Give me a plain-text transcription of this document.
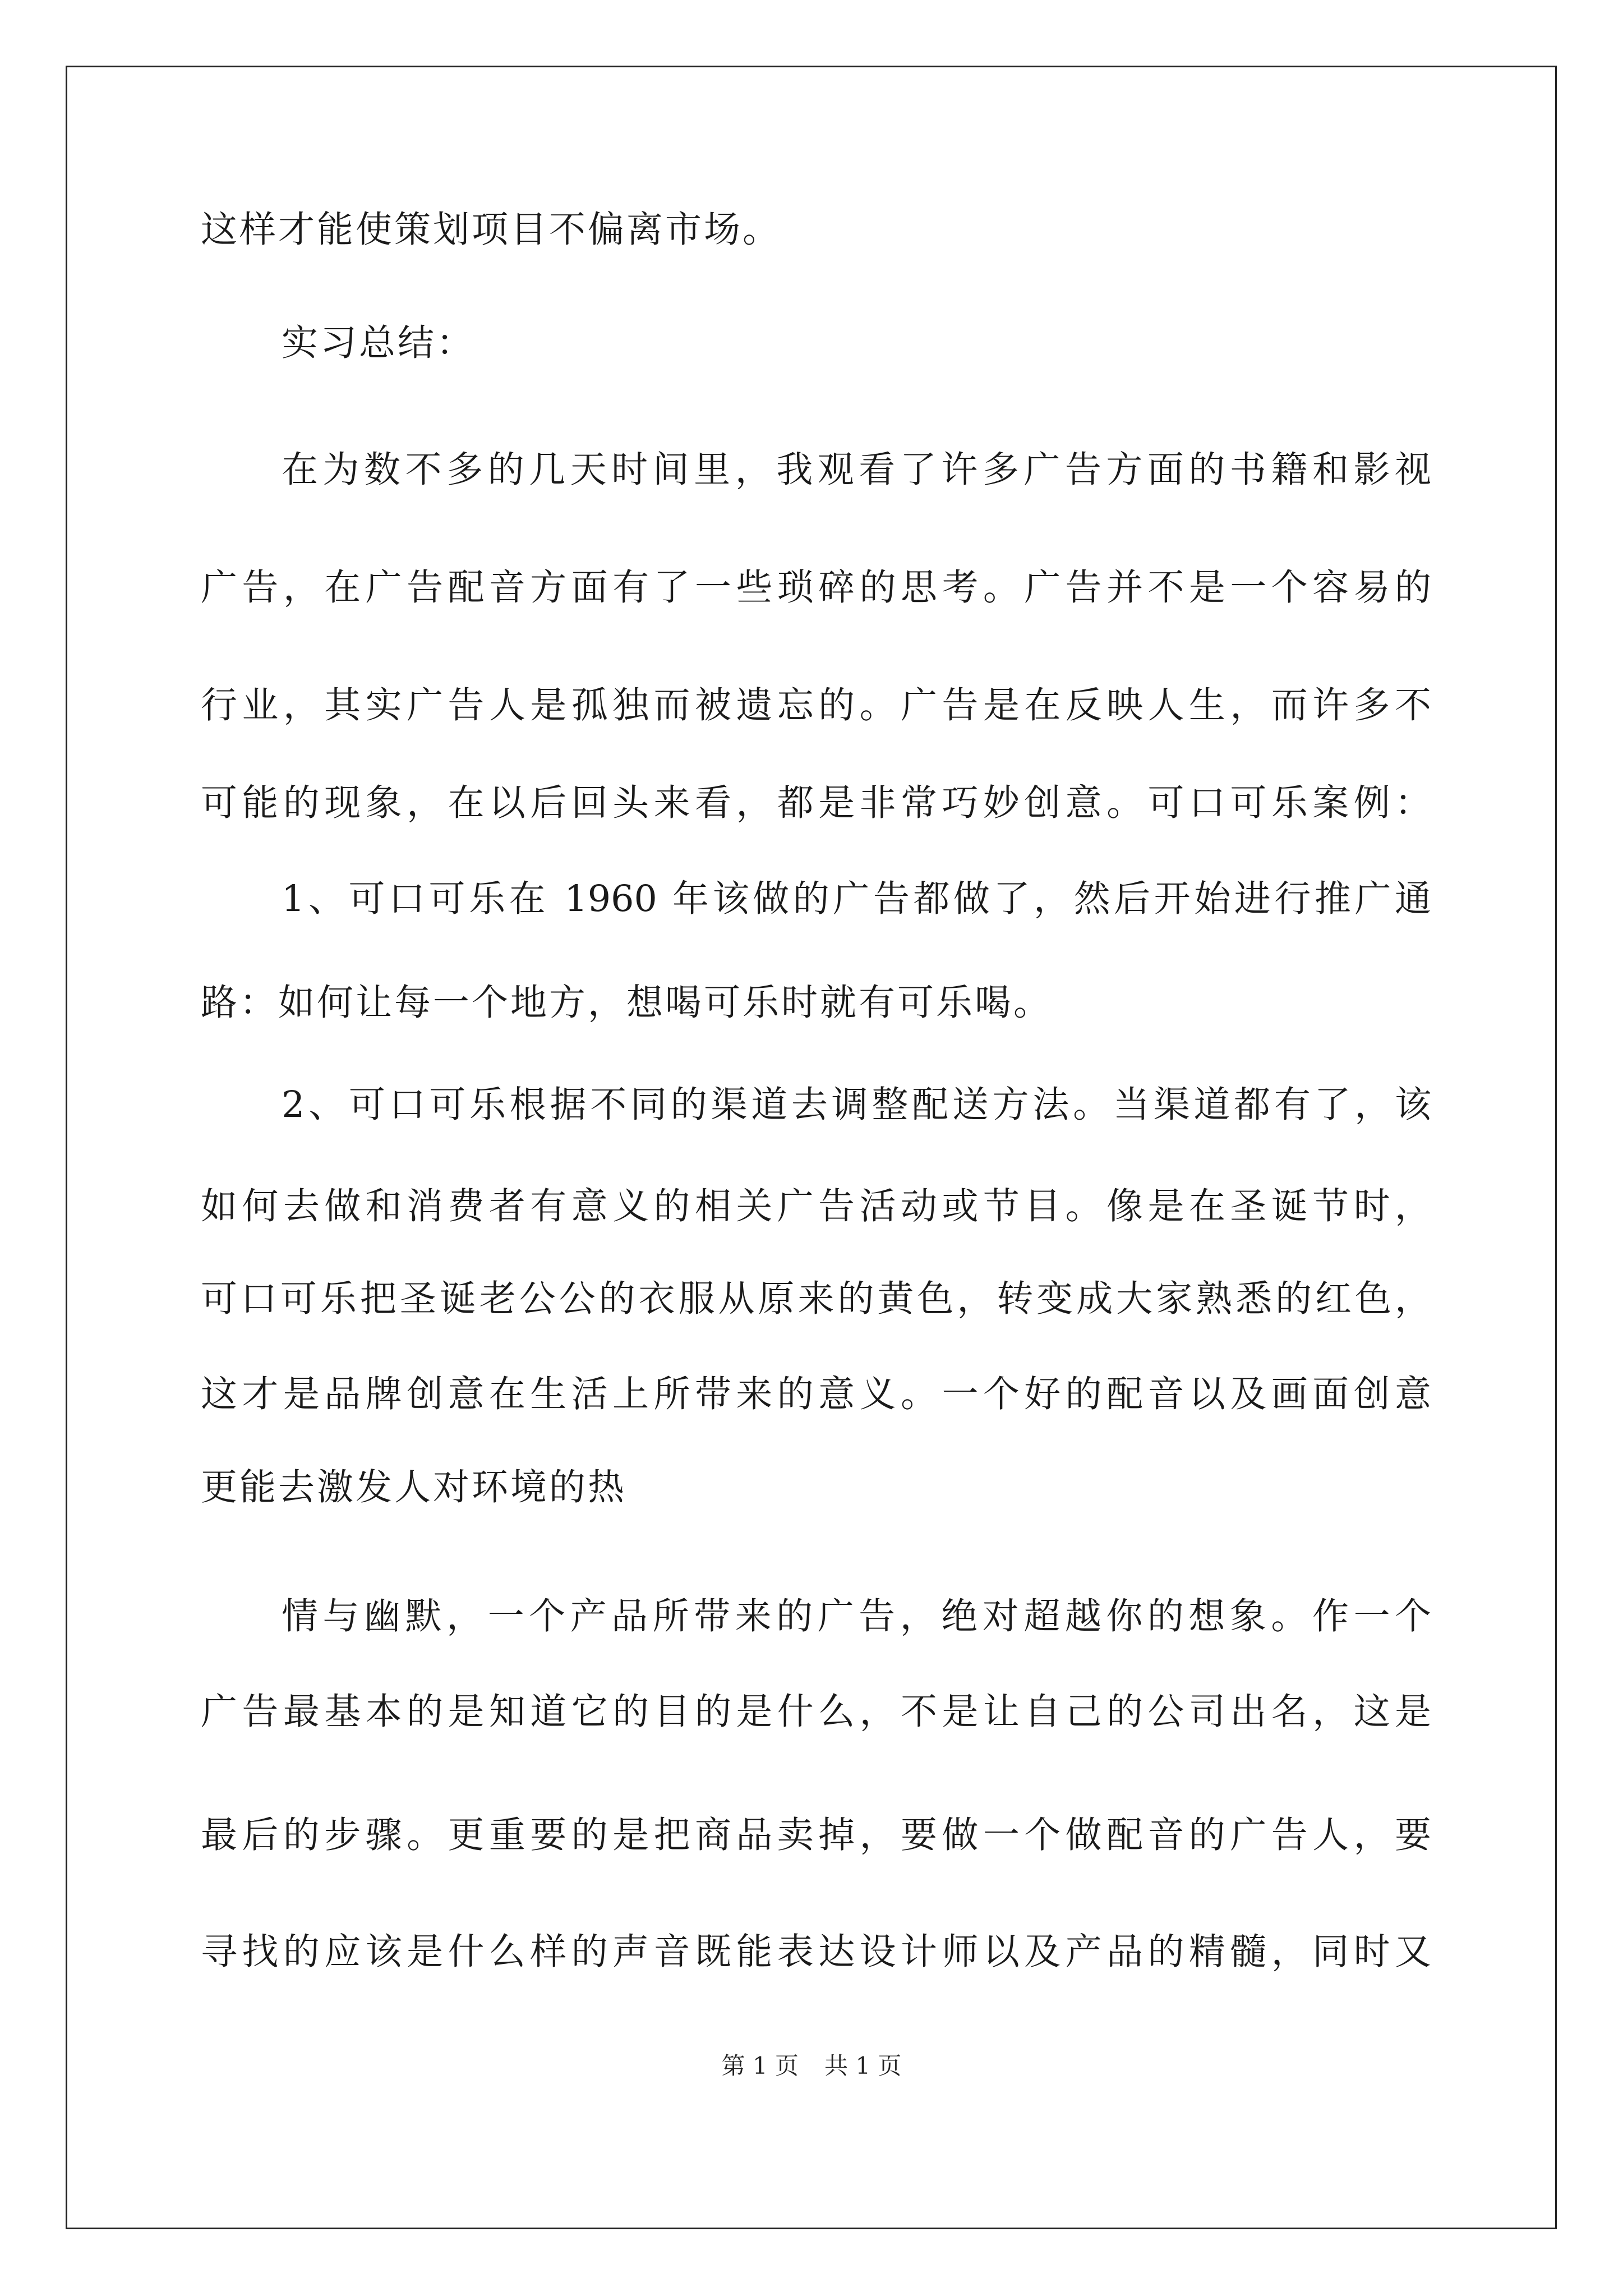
这样才能使策划项目不偏离市场。
实习总结：
在为数不多的几天时间里，我观看了许多广告方面的书籍和影视
广告，在广告配音方面有了一些琐碎的思考。广告并不是一个容易的
行业，其实广告人是孤独而被遗忘的。广告是在反映人生，而许多不
可能的现象，在以后回头来看，都是非常巧妙创意。可口可乐案例：
1、可口可乐在 1960 年该做的广告都做了，然后开始进行推广通
路：如何让每一个地方，想喝可乐时就有可乐喝。
2、可口可乐根据不同的渠道去调整配送方法。当渠道都有了，该
如何去做和消费者有意义的相关广告活动或节目。像是在圣诞节时，
可口可乐把圣诞老公公的衣服从原来的黄色，转变成大家熟悉的红色，
这才是品牌创意在生活上所带来的意义。一个好的配音以及画面创意
更能去激发人对环境的热
情与幽默，一个产品所带来的广告，绝对超越你的想象。作一个
广告最基本的是知道它的目的是什么，不是让自己的公司出名，这是
最后的步骤。更重要的是把商品卖掉，要做一个做配音的广告人，要
寻找的应该是什么样的声音既能表达设计师以及产品的精髓，同时又
第 1 页 共 1 页
